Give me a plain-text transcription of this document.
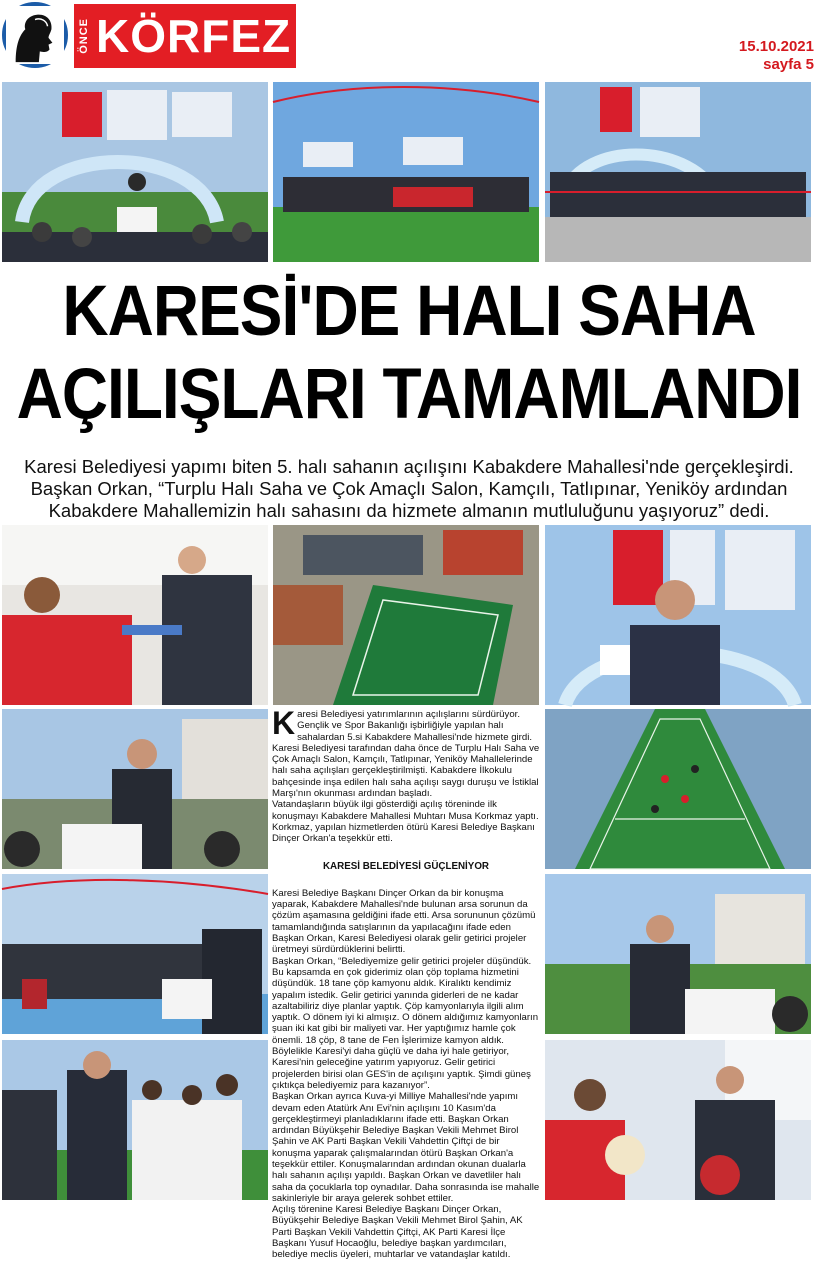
ÖNCE KÖRFEZ	15.10.2021
sayfa 5
KARESİ'DE HALI SAHA
AÇILIŞLARI TAMAMLANDI
Karesi Belediyesi yapımı biten 5. halı sahanın açılışını Kabakdere Mahallesi'nde gerçekleşirdi.
Başkan Orkan, “Turplu Halı Saha ve Çok Amaçlı Salon, Kamçılı, Tatlıpınar, Yeniköy ardından
Kabakdere Mahallemizin halı sahasını da hizmete almanın mutluluğunu yaşıyoruz” dedi.

Karesi Belediyesi yatırımlarının açılışlarını sürdürüyor. Gençlik ve Spor Bakanlığı işbirliğiyle yapılan halı sahalardan 5.si Kabakdere Mahallesi'nde hizmete girdi. Karesi Belediyesi tarafından daha önce de Turplu Halı Saha ve Çok Amaçlı Salon, Kamçılı, Tatlıpınar, Yeniköy Mahallelerinde halı saha açılışları gerçekleştirilmişti. Kabakdere İlkokulu bahçesinde inşa edilen halı saha açılışı saygı duruşu ve İstiklal Marşı'nın okunması ardından başladı.

Vatandaşların büyük ilgi gösterdiği açılış töreninde ilk konuşmayı Kabakdere Mahallesi Muhtarı Musa Korkmaz yaptı. Korkmaz, yapılan hizmetlerden ötürü Karesi Belediye Başkanı Dinçer Orkan'a teşekkür etti.

KARESİ BELEDİYESİ GÜÇLENİYOR

Karesi Belediye Başkanı Dinçer Orkan da bir konuşma yaparak, Kabakdere Mahallesi'nde bulunan arsa sorunun da çözüm aşamasına geldiğini ifade etti. Arsa sorununun çözümü tamamlandığında satışlarının da yapılacağını ifade eden Başkan Orkan, Karesi Belediyesi olarak gelir getirici projeler üretmeyi sürdürdüklerini belirtti.

Başkan Orkan, “Belediyemize gelir getirici projeler düşündük. Bu kapsamda en çok giderimiz olan çöp toplama hizmetini düşündük. 18 tane çöp kamyonu aldık. Kiralıktı kendimiz yapalım istedik. Gelir getirici yanında giderleri de ne kadar azaltabiliriz diye planlar yaptık. Çöp kamyonlarıyla ilgili alım yaptık. O dönem iyi ki almışız. O dönem aldığımız kamyonların şuan iki kat gibi bir maliyeti var. Her yaptığımız hamle çok önemli. 18 çöp, 8 tane de Fen İşlerimize kamyon aldık. Böylelikle Karesi'yi daha güçlü ve daha iyi hale getiriyor, Karesi'nin geleceğine yatırım yapıyoruz. Gelir getirici projelerden birisi olan GES'in de açılışını yaptık. Şimdi güneş çıktıkça belediyemiz para kazanıyor”.

Başkan Orkan ayrıca Kuva-yi Milliye Mahallesi'nde yapımı devam eden Atatürk Anı Evi'nin açılışını 10 Kasım'da gerçekleştirmeyi planladıklarını ifade etti. Başkan Orkan ardından Büyükşehir Belediye Başkan Vekili Mehmet Birol Şahin ve AK Parti Başkan Vekili Vahdettin Çiftçi de bir konuşma yaparak çalışmalarından ötürü Başkan Orkan'a teşekkür ettiler. Konuşmalarından ardından okunan dualarla halı sahanın açılışı yapıldı. Başkan Orkan ve davetliler halı saha da çocuklarla top oynadılar. Daha sonrasında ise mahalle sakinleriyle bir araya gelerek sohbet ettiler.

Açılış törenine Karesi Belediye Başkanı Dinçer Orkan, Büyükşehir Belediye Başkan Vekili Mehmet Birol Şahin, AK Parti Başkan Vekili Vahdettin Çiftçi, AK Parti Karesi İlçe Başkanı Yusuf Hocaoğlu, belediye başkan yardımcıları, belediye meclis üyeleri, muhtarlar ve vatandaşlar katıldı.
